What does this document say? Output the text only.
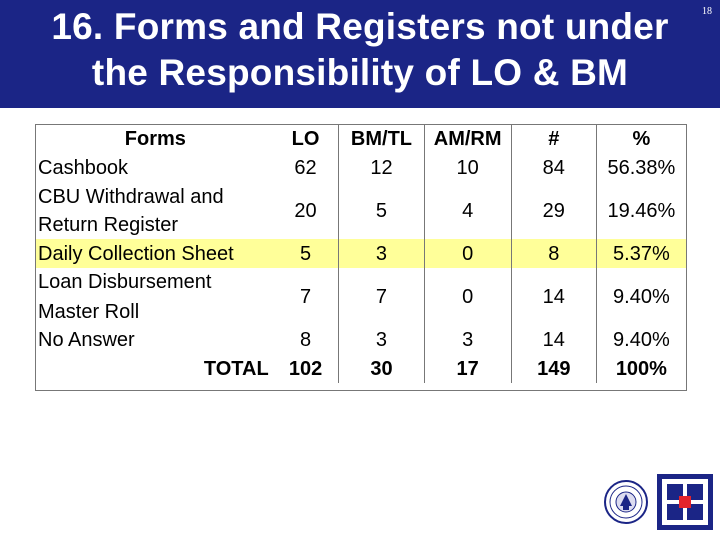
16. Forms and Registers not under
the Responsibility of LO & BM
18
Forms	LO	BM/TL	AM/RM	#	%
Cashbook	62	12	10	84	56.38%

CBU Withdrawal and
Return Register	20	5	4	29	19.46%
Daily Collection Sheet	5	3	0	8	5.37%

Loan Disbursement
Master Roll	7	7	0	14	9.40%
No Answer	8	3	3	14	9.40%
TOTAL	102	30	17	149	100%
